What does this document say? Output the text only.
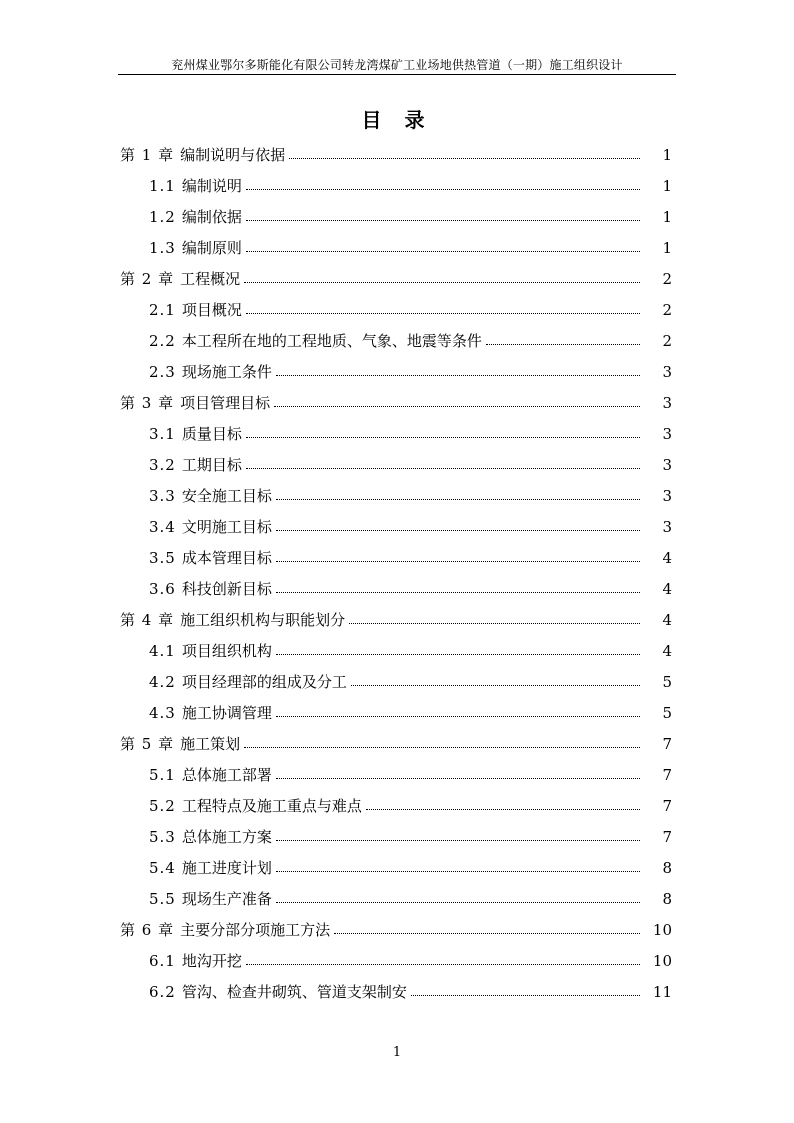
兖州煤业鄂尔多斯能化有限公司转龙湾煤矿工业场地供热管道（一期）施工组织设计
目 录
第 1 章 编制说明与依据	1
1.1 编制说明	1
1.2 编制依据	1
1.3 编制原则	1
第 2 章 工程概况	2
2.1 项目概况	2
2.2 本工程所在地的工程地质、气象、地震等条件	2
2.3 现场施工条件	3
第 3 章 项目管理目标	3
3.1 质量目标	3
3.2 工期目标	3
3.3 安全施工目标	3
3.4 文明施工目标	3
3.5 成本管理目标	4
3.6 科技创新目标	4
第 4 章 施工组织机构与职能划分	4
4.1 项目组织机构	4
4.2 项目经理部的组成及分工	5
4.3 施工协调管理	5
第 5 章 施工策划	7
5.1 总体施工部署	7
5.2 工程特点及施工重点与难点	7
5.3 总体施工方案	7
5.4 施工进度计划	8
5.5 现场生产准备	8
第 6 章 主要分部分项施工方法	10
6.1 地沟开挖	10
6.2 管沟、检查井砌筑、管道支架制安	11
1
